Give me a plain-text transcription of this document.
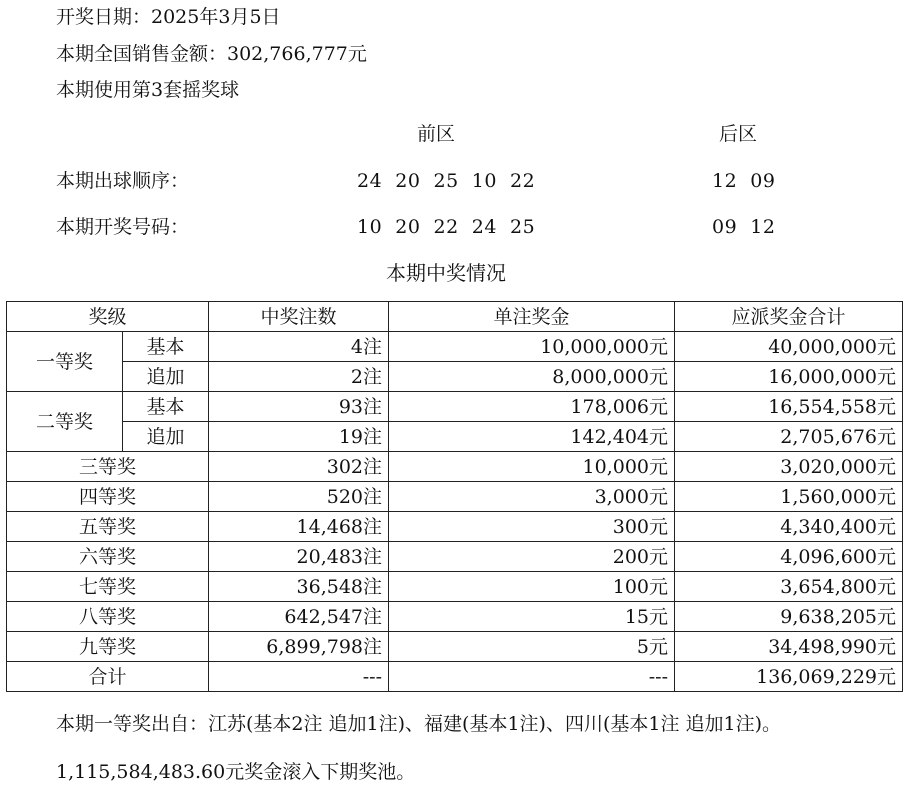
开奖日期：2025年3月5日
本期全国销售金额：302,766,777元
本期使用第3套摇奖球
前区	后区
本期出球顺序：	24  20  25  10  22	12  09
本期开奖号码：	10  20  22  24  25	09  12
本期中奖情况
奖级		中奖注数	单注奖金	应派奖金合计
一等奖	基本	4注	10,000,000元	40,000,000元
	追加	2注	8,000,000元	16,000,000元
二等奖	基本	93注	178,006元	16,554,558元
	追加	19注	142,404元	2,705,676元
三等奖		302注	10,000元	3,020,000元
四等奖		520注	3,000元	1,560,000元
五等奖		14,468注	300元	4,340,400元
六等奖		20,483注	200元	4,096,600元
七等奖		36,548注	100元	3,654,800元
八等奖		642,547注	15元	9,638,205元
九等奖		6,899,798注	5元	34,498,990元
合计		---	---	136,069,229元
本期一等奖出自：江苏(基本2注 追加1注)、福建(基本1注)、四川(基本1注 追加1注)。
1,115,584,483.60元奖金滚入下期奖池。
